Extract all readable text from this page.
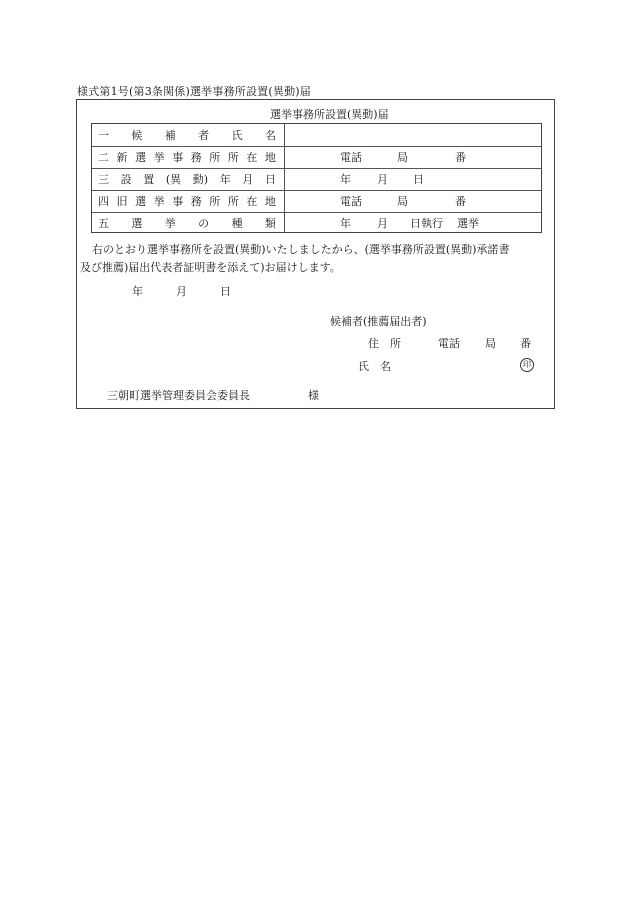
様式第1号(第3条関係)選挙事務所設置(異動)届
選挙事務所設置(異動)届
一 候 補 者 氏 名
二 新 選 挙 事 務 所 所 在 地	電話	局	番
三 設 置 (異 動) 年 月 日	年 月 日
四 旧 選 挙 事 務 所 所 在 地	電話	局	番
五 選 挙 の 種 類	年 月 日執行 選挙
右のとおり選挙事務所を設置(異動)いたしましたから、(選挙事務所設置(異動)承諾書
及び推薦)届出代表者証明書を添えて)お届けします。
年	月	日
候補者(推薦届出者)
住　所	電話 局 番
氏　名	印
三朝町選挙管理委員会委員長	様
